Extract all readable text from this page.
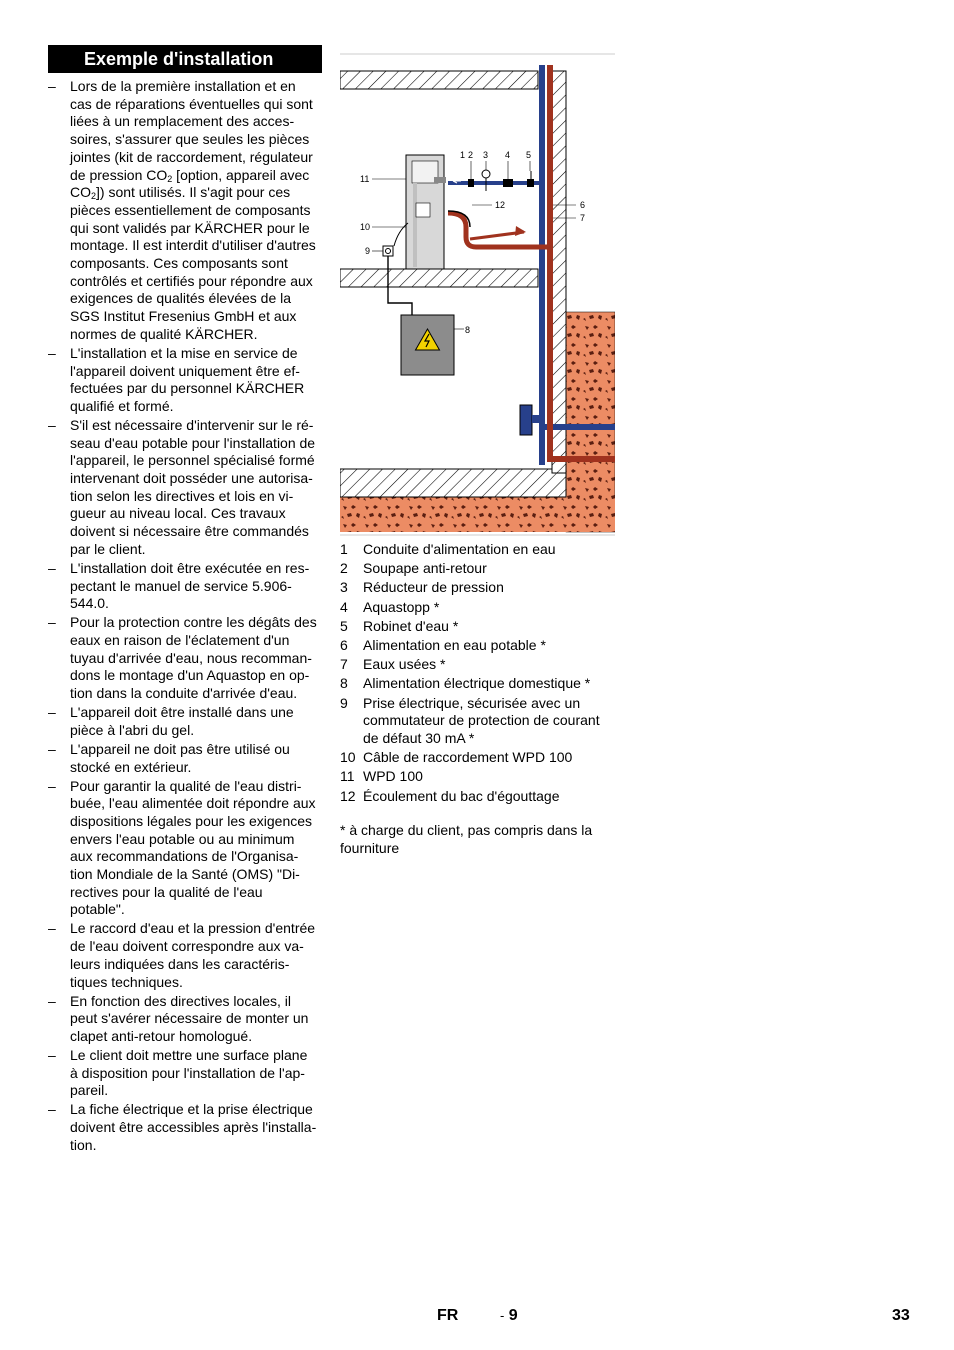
Exemple d'installation
– Lors de la première installation et en
cas de réparations éventuelles qui sont
liées à un remplacement des acces-
soires, s'assurer que seules les pièces
jointes (kit de raccordement, régulateur
de pression $CO_2$ [option, appareil avec
$CO_2$]) sont utilisés. Il s'agit pour ces
pièces essentiellement de composants
qui sont validés par KÄRCHER pour le
montage. Il est interdit d'utiliser d'autres
composants. Ces composants sont
contrôlés et certifiés pour répondre aux
exigences de qualités élevées de la
SGS Institut Fresenius GmbH et aux
normes de qualité KÄRCHER.
– L'installation et la mise en service de
l'appareil doivent uniquement être ef-
fectuées par du personnel KÄRCHER
qualifié et formé.
– S'il est nécessaire d'intervenir sur le ré-
seau d'eau potable pour l'installation de
l'appareil, le personnel spécialisé formé
intervenant doit posséder une autorisa-
tion selon les directives et lois en vi-
gueur au niveau local. Ces travaux
doivent si nécessaire être commandés
par le client.
– L'installation doit être exécutée en res-
pectant le manuel de service 5.906-
544.0.
– Pour la protection contre les dégâts des
eaux en raison de l'éclatement d'un
tuyau d'arrivée d'eau, nous recomman-
dons le montage d'un Aquastop en op-
tion dans la conduite d'arrivée d'eau.
– L'appareil doit être installé dans une
pièce à l'abri du gel.
– L'appareil ne doit pas être utilisé ou
stocké en extérieur.
– Pour garantir la qualité de l'eau distri-
buée, l'eau alimentée doit répondre aux
dispositions légales pour les exigences
envers l'eau potable ou au minimum
aux recommandations de l'Organisa-
tion Mondiale de la Santé (OMS) "Di-
rectives pour la qualité de l'eau
potable".
– Le raccord d'eau et la pression d'entrée
de l'eau doivent correspondre aux va-
leurs indiquées dans les caractéris-
tiques techniques.
– En fonction des directives locales, il
peut s'avérer nécessaire de monter un
clapet anti-retour homologué.
– Le client doit mettre une surface plane
à disposition pour l'installation de l'ap-
pareil.
– La fiche électrique et la prise électrique
doivent être accessibles après l'installa-
tion.
1 2 3 4 5
6
7
8
9
10
11
12
1	Conduite d'alimentation en eau
2	Soupape anti-retour
3	Réducteur de pression
4	Aquastopp *
5	Robinet d'eau *
6	Alimentation en eau potable *
7	Eaux usées *
8	Alimentation électrique domestique *
9	Prise électrique, sécurisée avec un
commutateur de protection de courant
de défaut 30 mA *
10 Câble de raccordement WPD 100
11 WPD 100
12 Écoulement du bac d'égouttage
* à charge du client, pas compris dans la
fourniture
FR	- 9	33
